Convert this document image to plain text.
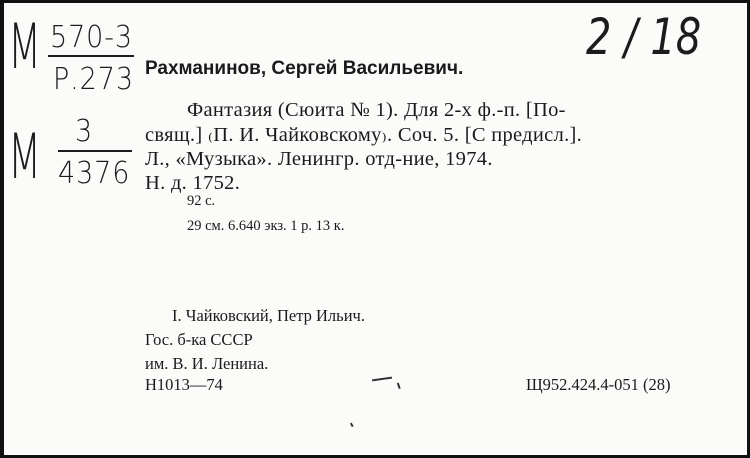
М 570-3
Р.273
М 3
4376
2 / 18
Рахманинов, Сергей Васильевич.
Фантазия (Сюита № 1). Для 2-х ф.-п. [По-
свящ.] ₍П. И. Чайковскому₎. Соч. 5. [С предисл.].
Л., «Музыка». Ленингр. отд-ние, 1974.
Н. д. 1752.
92 с.
29 см. 6.640 экз. 1 р. 13 к.
I. Чайковский, Петр Ильич.
Гос. б-ка СССР
им. В. И. Ленина.
Н1013—74	Щ952.424.4-051 (28)
